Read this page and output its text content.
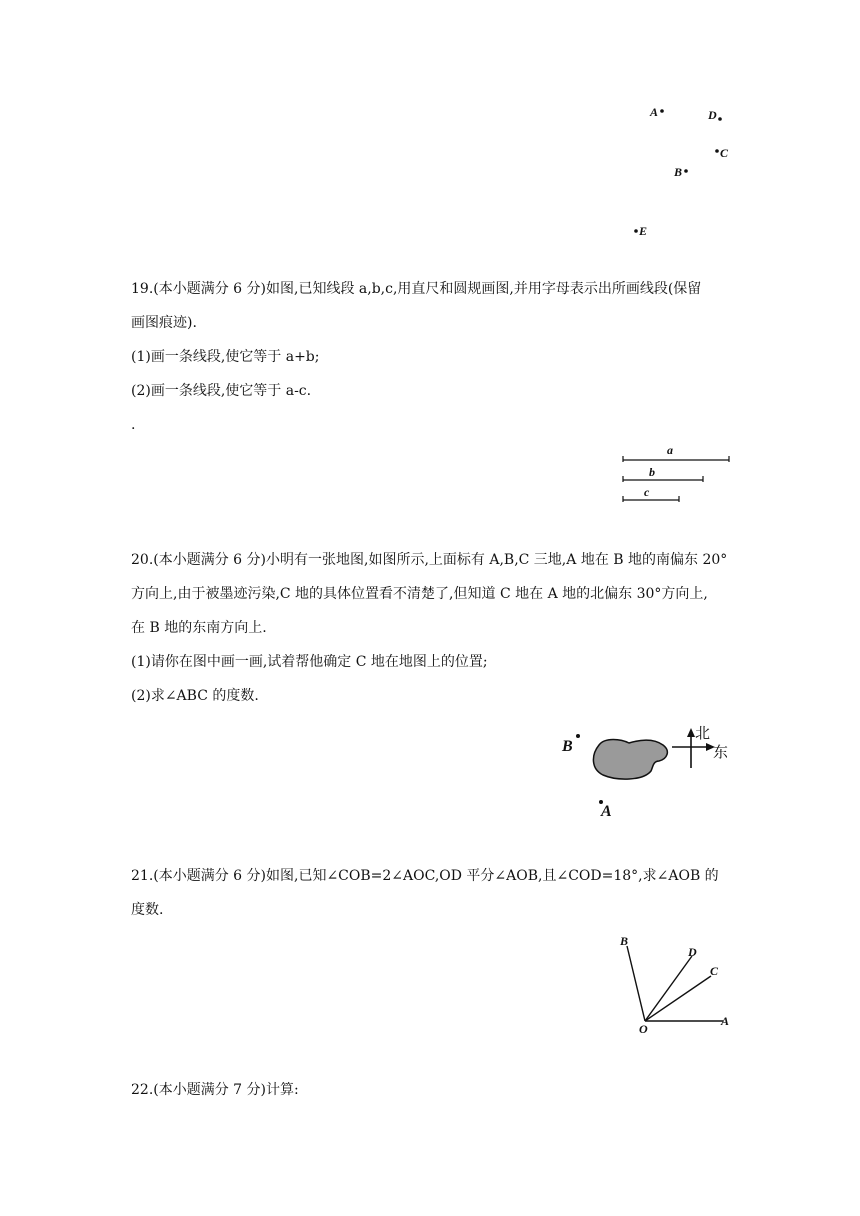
A	D
C
B
E
19.(本小题满分 6 分)如图,已知线段 a,b,c,用直尺和圆规画图,并用字母表示出所画线段(保留
画图痕迹).
(1)画一条线段,使它等于 a+b;
(2)画一条线段,使它等于 a-c.
.
a
b
c
20.(本小题满分 6 分)小明有一张地图,如图所示,上面标有 A,B,C 三地,A 地在 B 地的南偏东 20°
方向上,由于被墨迹污染,C 地的具体位置看不清楚了,但知道 C 地在 A 地的北偏东 30°方向上,
在 B 地的东南方向上.
(1)请你在图中画一画,试着帮他确定 C 地在地图上的位置;
(2)求∠ABC 的度数.
B
A
北
东
21.(本小题满分 6 分)如图,已知∠COB=2∠AOC,OD 平分∠AOB,且∠COD=18°,求∠AOB 的
度数.
B
D
C
O
A
22.(本小题满分 7 分)计算:
